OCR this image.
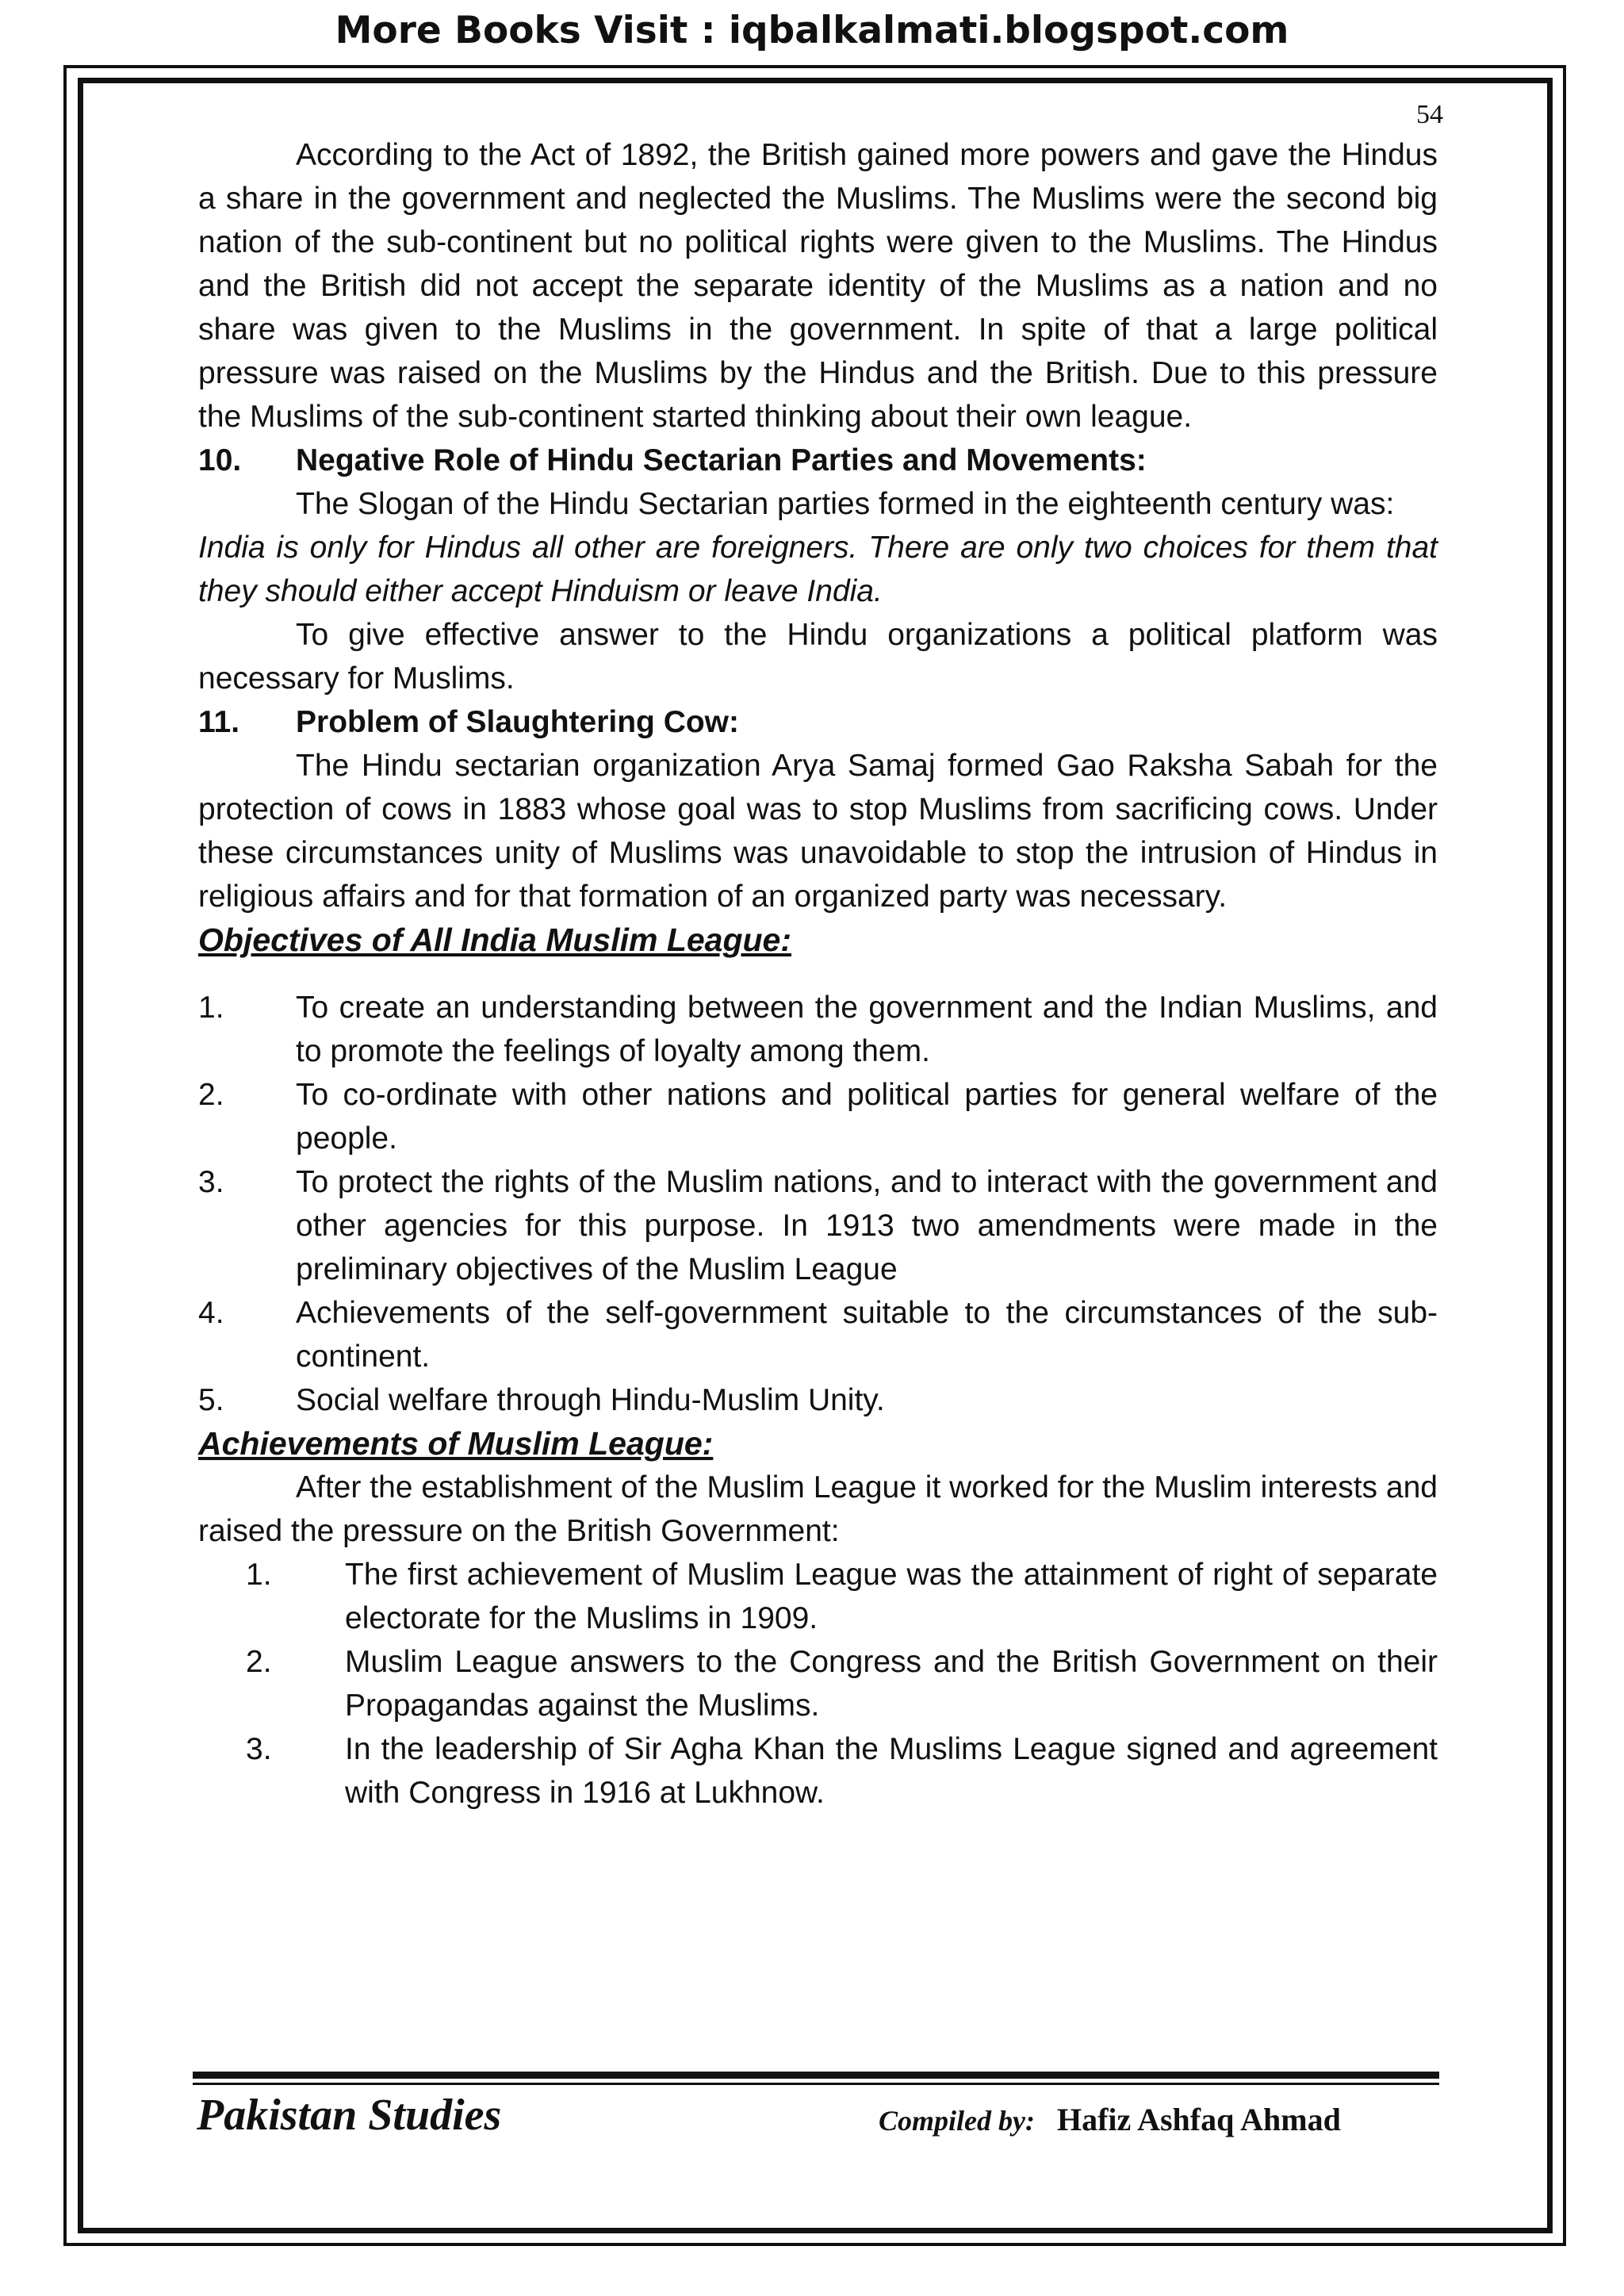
More Books Visit : iqbalkalmati.blogspot.com
54

According to the Act of 1892, the British gained more powers and gave the Hindus a share in the government and neglected the Muslims. The Muslims were the second big nation of the sub-continent but no political rights were given to the Muslims. The Hindus and the British did not accept the separate identity of the Muslims as a nation and no share was given to the Muslims in the government. In spite of that a large political pressure was raised on the Muslims by the Hindus and the British. Due to this pressure the Muslims of the sub-continent started thinking about their own league.

10.	Negative Role of Hindu Sectarian Parties and Movements:

The Slogan of the Hindu Sectarian parties formed in the eighteenth century was:

India is only for Hindus all other are foreigners. There are only two choices for them that they should either accept Hinduism or leave India.

To give effective answer to the Hindu organizations a political platform was necessary for Muslims.

11.	Problem of Slaughtering Cow:

The Hindu sectarian organization Arya Samaj formed Gao Raksha Sabah for the protection of cows in 1883 whose goal was to stop Muslims from sacrificing cows. Under these circumstances unity of Muslims was unavoidable to stop the intrusion of Hindus in religious affairs and for that formation of an organized party was necessary.

Objectives of All India Muslim League:

1.	To create an understanding between the government and the Indian Muslims, and to promote the feelings of loyalty among them.
2.	To co-ordinate with other nations and political parties for general welfare of the people.
3.	To protect the rights of the Muslim nations, and to interact with the government and other agencies for this purpose. In 1913 two amendments were made in the preliminary objectives of the Muslim League
4.	Achievements of the self-government suitable to the circumstances of the sub-continent.
5.	Social welfare through Hindu-Muslim Unity.

Achievements of Muslim League:

After the establishment of the Muslim League it worked for the Muslim interests and raised the pressure on the British Government:

1.	The first achievement of Muslim League was the attainment of right of separate electorate for the Muslims in 1909.
2.	Muslim League answers to the Congress and the British Government on their Propagandas against the Muslims.
3.	In the leadership of Sir Agha Khan the Muslims League signed and agreement with Congress in 1916 at Lukhnow.
Pakistan Studies	Compiled by: Hafiz Ashfaq Ahmad
